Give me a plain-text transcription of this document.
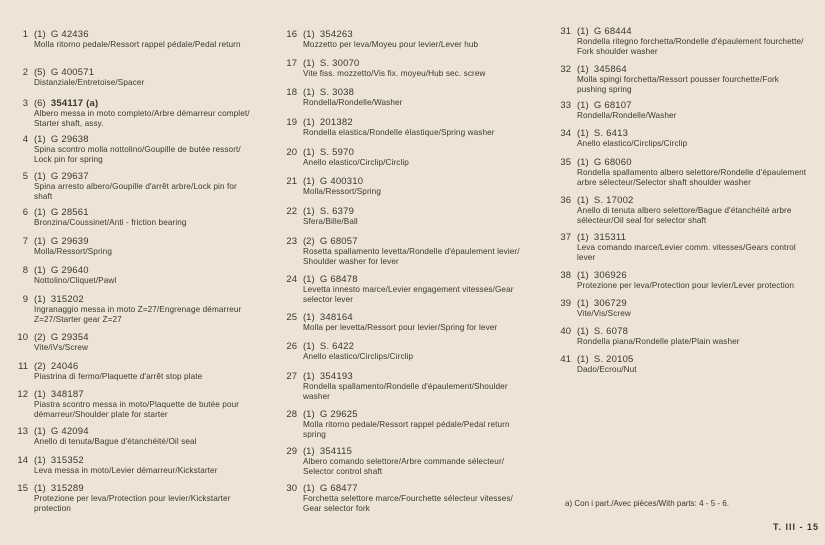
1 (1) G 42436
Molla ritorno pedale/Ressort rappel pédale/Pedal return
2 (5) G 400571
Distanziale/Entretoise/Spacer
3 (6) 354117 (a)
Albero messa in moto completo/Arbre démarreur complet/
Starter shaft, assy.
4 (1) G 29638
Spina scontro molla nottolino/Goupille de butée ressort/
Lock pin for spring
5 (1) G 29637
Spina arresto albero/Goupille d'arrêt arbre/Lock pin for
shaft
6 (1) G 28561
Bronzina/Coussinet/Anti - friction bearing
7 (1) G 29639
Molla/Ressort/Spring
8 (1) G 29640
Nottolino/Cliquet/Pawl
9 (1) 315202
Ingranaggio messa in moto Z=27/Engrenage démarreur
Z=27/Starter gear Z=27
10 (2) G 29354
Vite/iVs/Screw
11 (2) 24046
Piastrina di fermo/Plaquette d'arrêt stop plate
12 (1) 348187
Piastra scontro messa in moto/Plaquette de butée pour
démarreur/Shoulder plate for starter
13 (1) G 42094
Anello di tenuta/Bague d'étanchéité/Oil seal
14 (1) 315352
Leva messa in moto/Levier démarreur/Kickstarter
15 (1) 315289
Protezione per leva/Protection pour levier/Kickstarter
protection
16 (1) 354263
Mozzetto per leva/Moyeu pour levier/Lever hub
17 (1) S. 30070
Vite fiss. mozzetto/Vis fix. moyeu/Hub sec. screw
18 (1) S. 3038
Rondella/Rondelle/Washer
19 (1) 201382
Rondella elastica/Rondelle élastique/Spring washer
20 (1) S. 5970
Anello elastico/Circlip/Circlip
21 (1) G 400310
Molla/Ressort/Spring
22 (1) S. 6379
Sfera/Bille/Ball
23 (2) G 68057
Rosetta spallamento levetta/Rondelle d'épaulement levier/
Shoulder washer for lever
24 (1) G 68478
Levetta innesto marce/Levier engagement vitesses/Gear
selector lever
25 (1) 348164
Molla per levetta/Ressort pour levier/Spring for lever
26 (1) S. 6422
Anello elastico/Circlips/Circlip
27 (1) 354193
Rondella spallamento/Rondelle d'épaulement/Shoulder
washer
28 (1) G 29625
Molla ritorno pedale/Ressort rappel pédale/Pedal return
spring
29 (1) 354115
Albero comando selettore/Arbre commande sélecteur/
Selector control shaft
30 (1) G 68477
Forchetta selettore marce/Fourchette sélecteur vitesses/
Gear selector fork
31 (1) G 68444
Rondella ritegno forchetta/Rondelle d'épaulement fourchette/
Fork shoulder washer
32 (1) 345864
Molla spingi forchetta/Ressort pousser fourchette/Fork
pushing spring
33 (1) G 68107
Rondella/Rondelle/Washer
34 (1) S. 6413
Anello elastico/Circlips/Circlip
35 (1) G 68060
Rondella spallamento albero selettore/Rondelle d'épaulement
arbre sélecteur/Selector shaft shoulder washer
36 (1) S. 17002
Anello di tenuta albero selettore/Bague d'étanchéité arbre
sélecteur/Oil seal for selector shaft
37 (1) 315311
Leva comando marce/Levier comm. vitesses/Gears control
lever
38 (1) 306926
Protezione per leva/Protection pour levier/Lever protection
39 (1) 306729
Vite/Vis/Screw
40 (1) S. 6078
Rondella piana/Rondelle plate/Plain washer
41 (1) S. 20105
Dado/Ecrou/Nut
a) Con i part./Avec pièces/With parts: 4 - 5 - 6.
T. III - 15
